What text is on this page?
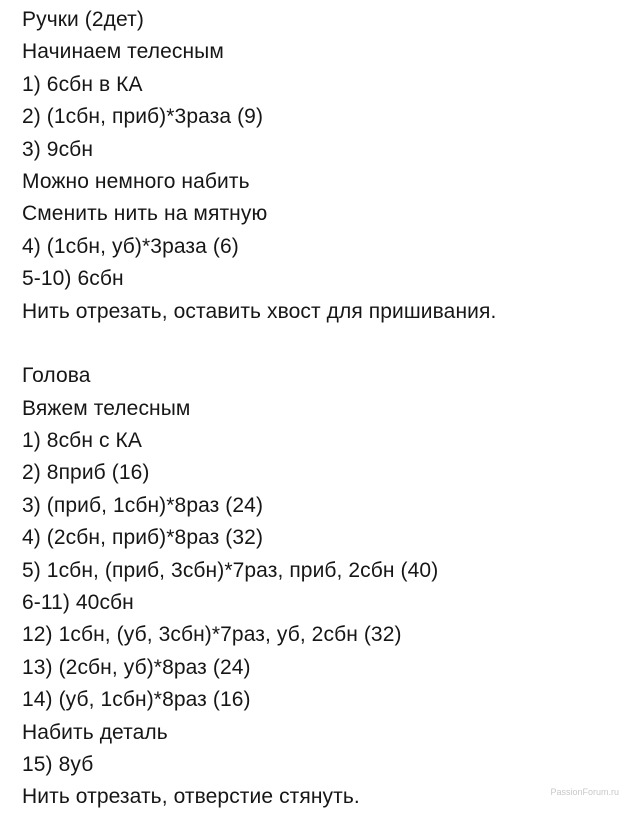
Ручки (2дет)
Начинаем телесным
1) 6сбн в КА
2) (1сбн, приб)*3раза (9)
3) 9сбн
Можно немного набить
Сменить нить на мятную
4) (1сбн, уб)*3раза (6)
5-10) 6сбн
Нить отрезать, оставить хвост для пришивания.
Голова
Вяжем телесным
1) 8сбн с КА
2) 8приб (16)
3) (приб, 1сбн)*8раз (24)
4) (2сбн, приб)*8раз (32)
5) 1сбн, (приб, 3сбн)*7раз, приб, 2сбн (40)
6-11) 40сбн
12) 1сбн, (уб, 3сбн)*7раз, уб, 2сбн (32)
13) (2сбн, уб)*8раз (24)
14) (уб, 1сбн)*8раз (16)
Набить деталь
15) 8уб
Нить отрезать, отверстие стянуть.	PassionForum.ru
